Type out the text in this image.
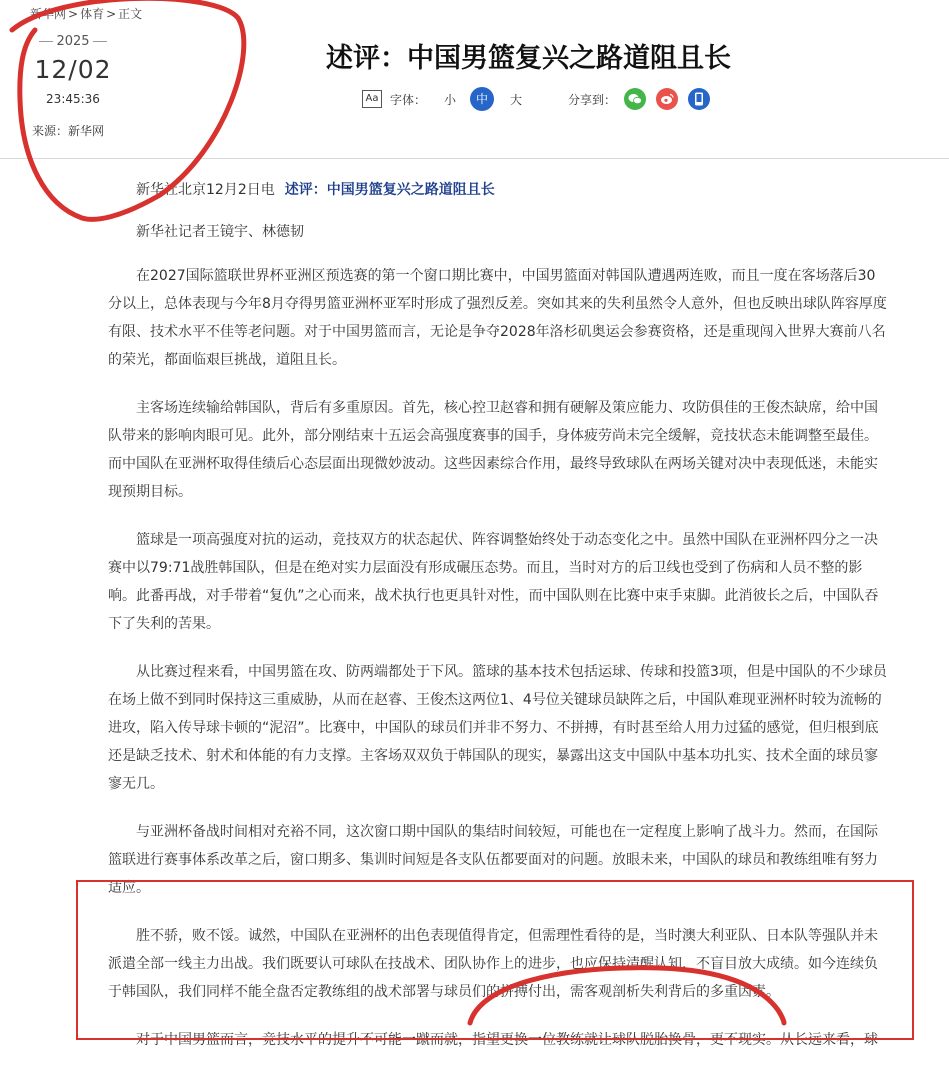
新华网 > 体育 > 正文
2025
12/02
23:45:36
来源：新华网
述评：中国男篮复兴之路道阻且长
Aa 字体： 小	中	大	分享到：

新华社北京12月2日电 述评：中国男篮复兴之路道阻且长

新华社记者王镜宇、林德韧

在2027国际篮联世界杯亚洲区预选赛的第一个窗口期比赛中，中国男篮面对韩国队遭遇两连败，而且一度在客场落后30分以上，总体表现与今年8月夺得男篮亚洲杯亚军时形成了强烈反差。突如其来的失利虽然令人意外，但也反映出球队阵容厚度有限、技术水平不佳等老问题。对于中国男篮而言，无论是争夺2028年洛杉矶奥运会参赛资格，还是重现闯入世界大赛前八名的荣光，都面临艰巨挑战，道阻且长。

主客场连续输给韩国队，背后有多重原因。首先，核心控卫赵睿和拥有硬解及策应能力、攻防俱佳的王俊杰缺席，给中国队带来的影响肉眼可见。此外，部分刚结束十五运会高强度赛事的国手，身体疲劳尚未完全缓解，竞技状态未能调整至最佳。而中国队在亚洲杯取得佳绩后心态层面出现微妙波动。这些因素综合作用，最终导致球队在两场关键对决中表现低迷，未能实现预期目标。

篮球是一项高强度对抗的运动，竞技双方的状态起伏、阵容调整始终处于动态变化之中。虽然中国队在亚洲杯四分之一决赛中以79:71战胜韩国队，但是在绝对实力层面没有形成碾压态势。而且，当时对方的后卫线也受到了伤病和人员不整的影响。此番再战，对手带着“复仇”之心而来，战术执行也更具针对性，而中国队则在比赛中束手束脚。此消彼长之后，中国队吞下了失利的苦果。

从比赛过程来看，中国男篮在攻、防两端都处于下风。篮球的基本技术包括运球、传球和投篮3项，但是中国队的不少球员在场上做不到同时保持这三重威胁，从而在赵睿、王俊杰这两位1、4号位关键球员缺阵之后，中国队难现亚洲杯时较为流畅的进攻，陷入传导球卡顿的“泥沼”。比赛中，中国队的球员们并非不努力、不拼搏，有时甚至给人用力过猛的感觉，但归根到底还是缺乏技术、射术和体能的有力支撑。主客场双双负于韩国队的现实，暴露出这支中国队中基本功扎实、技术全面的球员寥寥无几。

与亚洲杯备战时间相对充裕不同，这次窗口期中国队的集结时间较短，可能也在一定程度上影响了战斗力。然而，在国际篮联进行赛事体系改革之后，窗口期多、集训时间短是各支队伍都要面对的问题。放眼未来，中国队的球员和教练组唯有努力适应。

胜不骄，败不馁。诚然，中国队在亚洲杯的出色表现值得肯定，但需理性看待的是，当时澳大利亚队、日本队等强队并未派遣全部一线主力出战。我们既要认可球队在技战术、团队协作上的进步，也应保持清醒认知，不盲目放大成绩。如今连续负于韩国队，我们同样不能全盘否定教练组的战术部署与球员们的拼搏付出，需客观剖析失利背后的多重因素。

对于中国男篮而言，竞技水平的提升不可能一蹴而就，指望更换一位教练就让球队脱胎换骨，更不现实。从长远来看，球
